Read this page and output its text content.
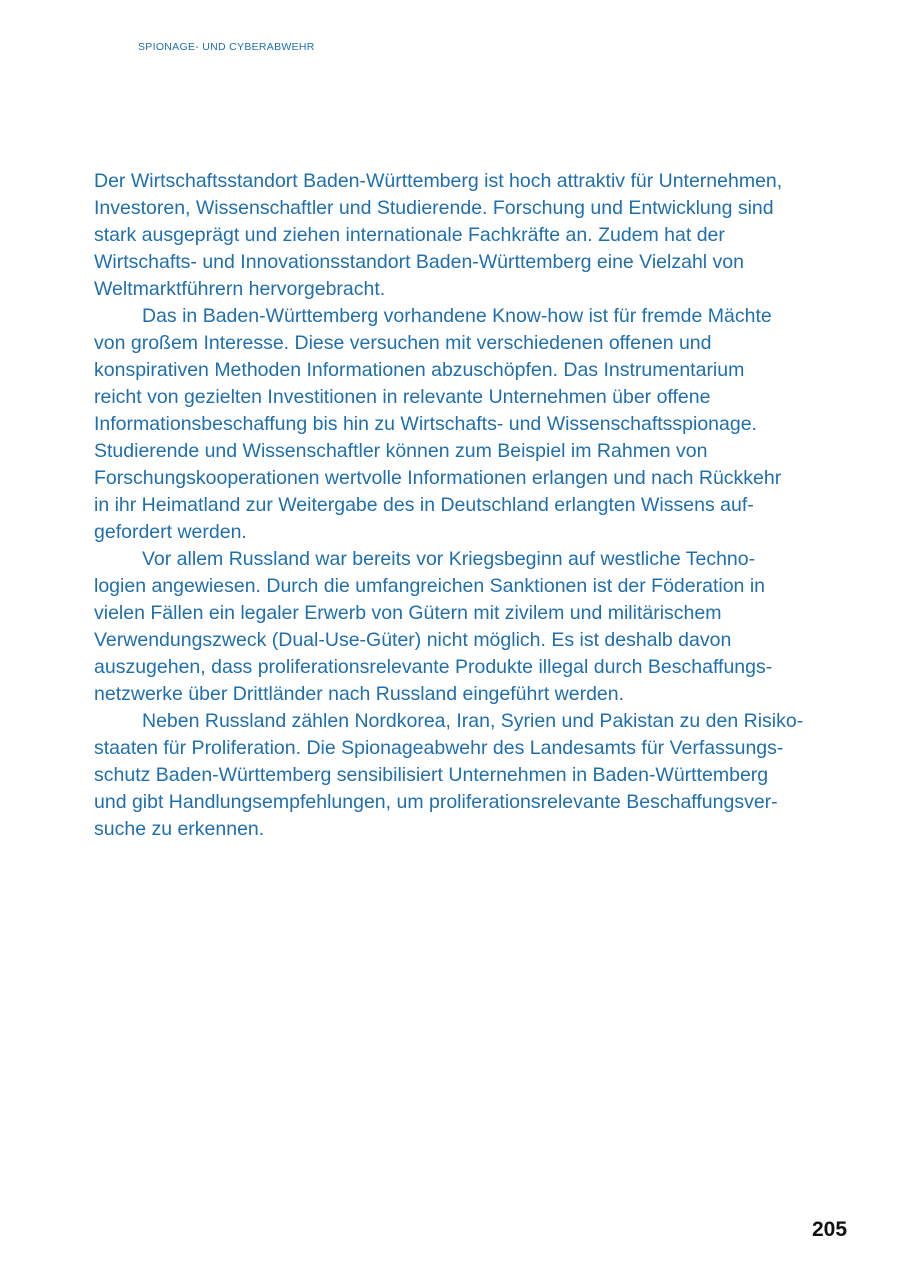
SPIONAGE- UND CYBERABWEHR

Der Wirtschaftsstandort Baden-Württemberg ist hoch attraktiv für Unternehmen,
Investoren, Wissenschaftler und Studierende. Forschung und Entwicklung sind
stark ausgeprägt und ziehen internationale Fachkräfte an. Zudem hat der
Wirtschafts- und Innovationsstandort Baden-Württemberg eine Vielzahl von
Weltmarktführern hervorgebracht.

Das in Baden-Württemberg vorhandene Know-how ist für fremde Mächte
von großem Interesse. Diese versuchen mit verschiedenen offenen und
konspirativen Methoden Informationen abzuschöpfen. Das Instrumentarium
reicht von gezielten Investitionen in relevante Unternehmen über offene
Informationsbeschaffung bis hin zu Wirtschafts- und Wissenschaftsspionage.
Studierende und Wissenschaftler können zum Beispiel im Rahmen von
Forschungskooperationen wertvolle Informationen erlangen und nach Rückkehr
in ihr Heimatland zur Weitergabe des in Deutschland erlangten Wissens auf-
gefordert werden.

Vor allem Russland war bereits vor Kriegsbeginn auf westliche Techno-
logien angewiesen. Durch die umfangreichen Sanktionen ist der Föderation in
vielen Fällen ein legaler Erwerb von Gütern mit zivilem und militärischem
Verwendungszweck (Dual-Use-Güter) nicht möglich. Es ist deshalb davon
auszugehen, dass proliferationsrelevante Produkte illegal durch Beschaffungs-
netzwerke über Drittländer nach Russland eingeführt werden.

Neben Russland zählen Nordkorea, Iran, Syrien und Pakistan zu den Risiko-
staaten für Proliferation. Die Spionageabwehr des Landesamts für Verfassungs-
schutz Baden-Württemberg sensibilisiert Unternehmen in Baden-Württemberg
und gibt Handlungsempfehlungen, um proliferationsrelevante Beschaffungsver-
suche zu erkennen.

205
